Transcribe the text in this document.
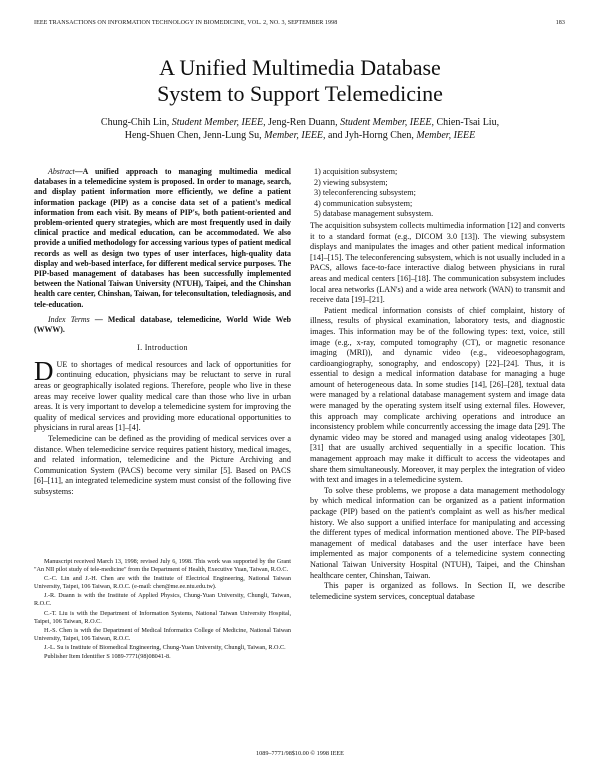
IEEE TRANSACTIONS ON INFORMATION TECHNOLOGY IN BIOMEDICINE, VOL. 2, NO. 3, SEPTEMBER 1998	183
A Unified Multimedia Database
System to Support Telemedicine
Chung-Chih Lin, Student Member, IEEE, Jeng-Ren Duann, Student Member, IEEE, Chien-Tsai Liu,
Heng-Shuen Chen, Jenn-Lung Su, Member, IEEE, and Jyh-Horng Chen, Member, IEEE

Abstract—A unified approach to managing multimedia medical databases in a telemedicine system is proposed. In order to manage, search, and display patient information more efficiently, we define a patient information package (PIP) as a concise data set of a patient's medical information from each visit. By means of PIP's, both patient-oriented and problem-oriented query strategies, which are most frequently used in daily clinical practice and medical education, can be accommodated. We also provide a unified methodology for accessing various types of patient medical records as well as design two types of user interfaces, high-quality data display and web-based interface, for different medical service purposes. The PIP-based management of databases has been successfully implemented between the National Taiwan University (NTUH), Taipei, and the Chinshan health care center, Chinshan, Taiwan, for teleconsultation, telediagnosis, and tele-education.

Index Terms — Medical database, telemedicine, World Wide Web (WWW).

I. Introduction

DUE to shortages of medical resources and lack of opportunities for continuing education, physicians may be reluctant to serve in rural areas or geographically isolated regions. Therefore, people who live in these areas may receive lower quality medical care than those who live in urban areas. It is very important to develop a telemedicine system for improving the quality of medical services and providing more educational opportunities to physicians in rural areas [1]–[4].

Telemedicine can be defined as the providing of medical services over a distance. When telemedicine service requires patient history, medical images, and related information, telemedicine and the Picture Archiving and Communication System (PACS) become very similar [5]. Based on PACS [6]–[11], an integrated telemedicine system must consist of the following five subsystems:

Manuscript received March 13, 1998; revised July 6, 1998. This work was supported by the Grant "An NII pilot study of tele-medicine" from the Department of Health, Executive Yuan, Taiwan, R.O.C.

C.-C. Lin and J.-H. Chen are with the Institute of Electrical Engineering, National Taiwan University, Taipei, 106 Taiwan, R.O.C. (e-mail: chen@me.ee.ntu.edu.tw).

J.-R. Duann is with the Institute of Applied Physics, Chung-Yuan University, Chungli, Taiwan, R.O.C.

C.-T. Liu is with the Department of Information Systems, National Taiwan University Hospital, Taipei, 106 Taiwan, R.O.C.

H.-S. Chen is with the Department of Medical Informatics College of Medicine, National Taiwan University, Taipei, 106 Taiwan, R.O.C.

J.-L. Su is Institute of Biomedical Engineering, Chung-Yuan University, Chungli, Taiwan, R.O.C.

Publisher Item Identifier S 1089-7771(98)08041-8.

1) acquisition subsystem;
2) viewing subsystem;
3) teleconferencing subsystem;
4) communication subsystem;
5) database management subsystem.

The acquisition subsystem collects multimedia information [12] and converts it to a standard format (e.g., DICOM 3.0 [13]). The viewing subsystem displays and manipulates the images and other patient medical information [14]–[15]. The teleconferencing subsystem, which is not usually included in a PACS, allows face-to-face interactive dialog between physicians in rural areas and medical centers [16]–[18]. The communication subsystem includes local area networks (LAN's) and a wide area network (WAN) to transmit and receive data [19]–[21].

Patient medical information consists of chief complaint, history of illness, results of physical examination, laboratory tests, and diagnostic images. This information may be of the following types: text, voice, still image (e.g., x-ray, computed tomography (CT), or magnetic resonance imaging (MRI)), and dynamic video (e.g., videoesophagogram, cardioangiography, sonography, and endoscopy) [22]–[24]. Thus, it is essential to design a medical information database for managing a huge amount of heterogeneous data. In some studies [14], [26]–[28], textual data were managed by a relational database management system and image data were managed by the operating system itself using external files. However, this approach may complicate archiving operations and introduce an inconsistency problem while concurrently accessing the image data [29]. The dynamic video may be stored and managed using analog videotapes [30], [31] that are usually archived sequentially in a specific location. This management approach may make it difficult to access the videotapes and share them simultaneously. Moreover, it may perplex the integration of video with text and images in a telemedicine system.

To solve these problems, we propose a data management methodology by which medical information can be organized as a patient information package (PIP) based on the patient's complaint as well as his/her medical history. We also support a unified interface for manipulating and accessing the different types of medical information mentioned above. The PIP-based management of medical databases and the user interface have been implemented as major components of a telemedicine system connecting National Taiwan University Hospital (NTUH), Taipei, and the Chinshan healthcare center, Chinshan, Taiwan.

This paper is organized as follows. In Section II, we describe telemedicine system services, conceptual database

1089–7771/98$10.00 © 1998 IEEE
